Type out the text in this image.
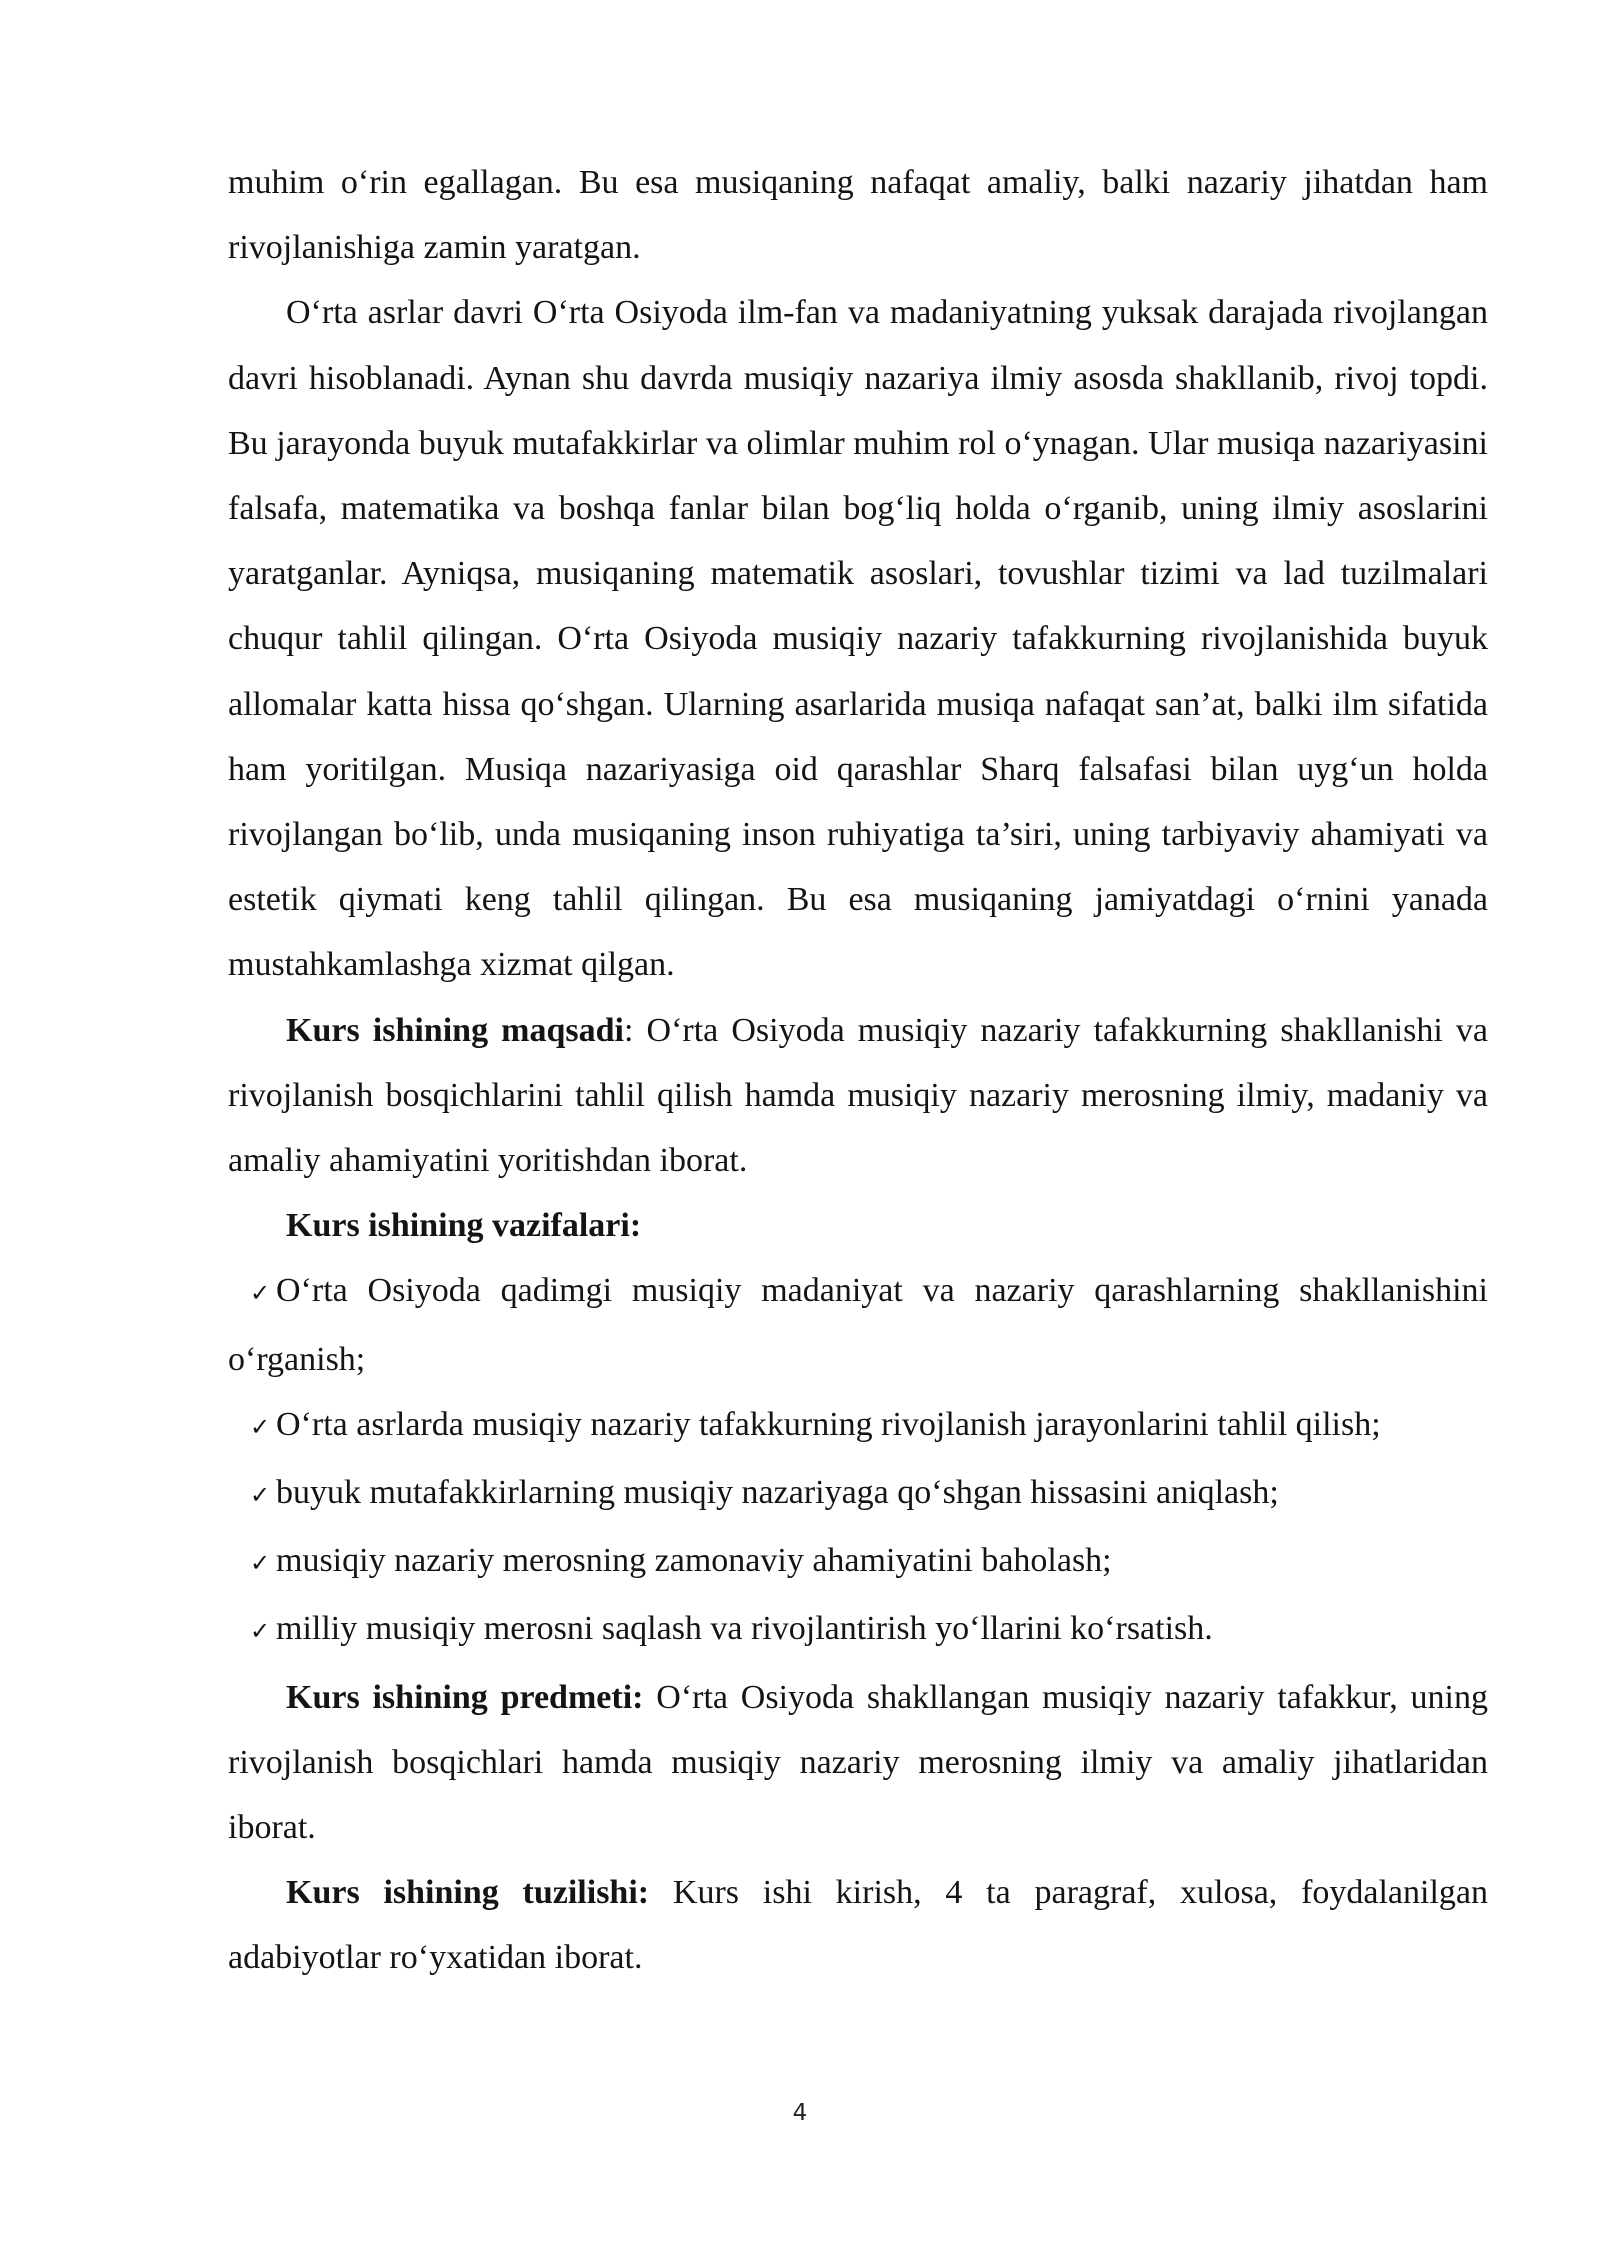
muhim o‘rin egallagan. Bu esa musiqaning nafaqat amaliy, balki nazariy jihatdan ham rivojlanishiga zamin yaratgan.

O‘rta asrlar davri O‘rta Osiyoda ilm-fan va madaniyatning yuksak darajada rivojlangan davri hisoblanadi. Aynan shu davrda musiqiy nazariya ilmiy asosda shakllanib, rivoj topdi. Bu jarayonda buyuk mutafakkirlar va olimlar muhim rol o‘ynagan. Ular musiqa nazariyasini falsafa, matematika va boshqa fanlar bilan bog‘liq holda o‘rganib, uning ilmiy asoslarini yaratganlar. Ayniqsa, musiqaning matematik asoslari, tovushlar tizimi va lad tuzilmalari chuqur tahlil qilingan. O‘rta Osiyoda musiqiy nazariy tafakkurning rivojlanishida buyuk allomalar katta hissa qo‘shgan. Ularning asarlarida musiqa nafaqat san’at, balki ilm sifatida ham yoritilgan. Musiqa nazariyasiga oid qarashlar Sharq falsafasi bilan uyg‘un holda rivojlangan bo‘lib, unda musiqaning inson ruhiyatiga ta’siri, uning tarbiyaviy ahamiyati va estetik qiymati keng tahlil qilingan. Bu esa musiqaning jamiyatdagi o‘rnini yanada mustahkamlashga xizmat qilgan.

Kurs ishining maqsadi: O‘rta Osiyoda musiqiy nazariy tafakkurning shakllanishi va rivojlanish bosqichlarini tahlil qilish hamda musiqiy nazariy merosning ilmiy, madaniy va amaliy ahamiyatini yoritishdan iborat.

Kurs ishining vazifalari:

✓ O‘rta Osiyoda qadimgi musiqiy madaniyat va nazariy qarashlarning shakllanishini o‘rganish;

✓ O‘rta asrlarda musiqiy nazariy tafakkurning rivojlanish jarayonlarini tahlil qilish;
✓ buyuk mutafakkirlarning musiqiy nazariyaga qo‘shgan hissasini aniqlash;
✓ musiqiy nazariy merosning zamonaviy ahamiyatini baholash;
✓ milliy musiqiy merosni saqlash va rivojlantirish yo‘llarini ko‘rsatish.

Kurs ishining predmeti: O‘rta Osiyoda shakllangan musiqiy nazariy tafakkur, uning rivojlanish bosqichlari hamda musiqiy nazariy merosning ilmiy va amaliy jihatlaridan iborat.

Kurs ishining tuzilishi: Kurs ishi kirish, 4 ta paragraf, xulosa, foydalanilgan adabiyotlar ro‘yxatidan iborat.

4
